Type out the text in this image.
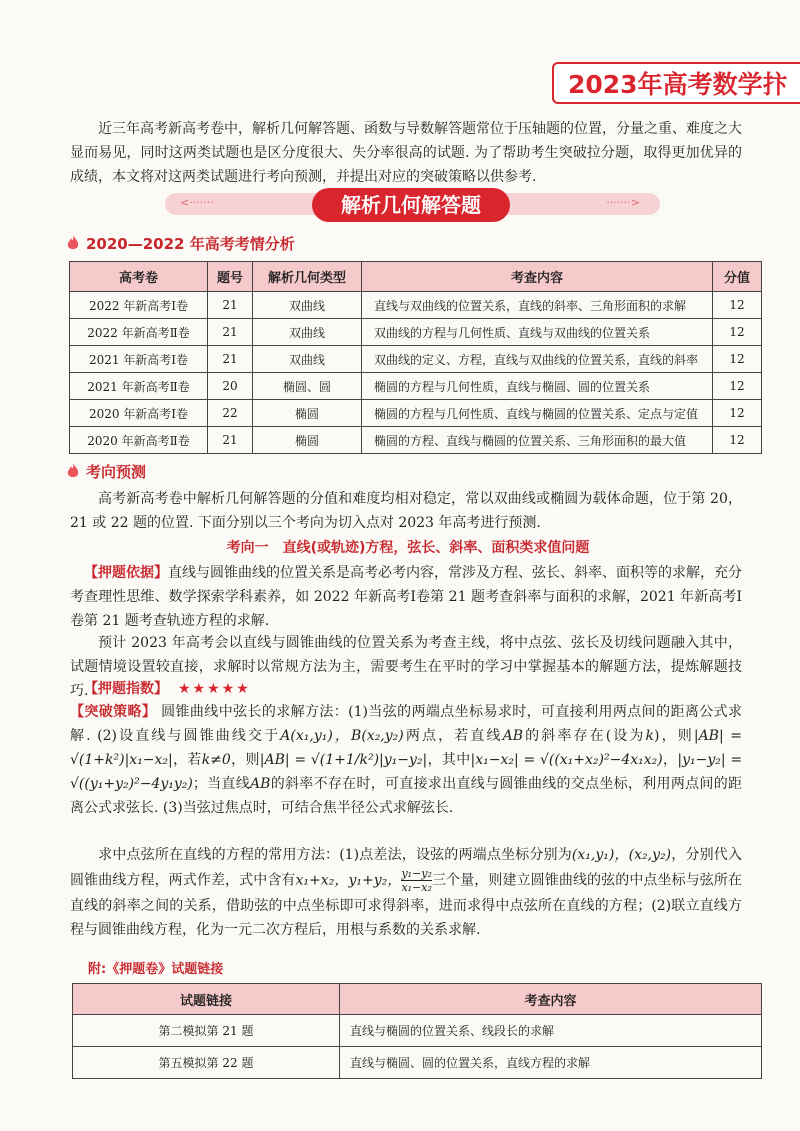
2023年高考数学抃

近三年高考新高考卷中，解析几何解答题、函数与导数解答题常位于压轴题的位置，分量之重、难度之大显而易见，同时这两类试题也是区分度很大、失分率很高的试题. 为了帮助考生突破拉分题，取得更加优异的成绩，本文将对这两类试题进行考向预测，并提出对应的突破策略以供参考.

<·······	·······>
解析几何解答题
2020—2022 年高考考情分析
高考卷	题号	解析几何类型	考查内容	分值
2022 年新高考Ⅰ卷	21	双曲线	直线与双曲线的位置关系，直线的斜率、三角形面积的求解	12
2022 年新高考Ⅱ卷	21	双曲线	双曲线的方程与几何性质、直线与双曲线的位置关系	12
2021 年新高考Ⅰ卷	21	双曲线	双曲线的定义、方程，直线与双曲线的位置关系，直线的斜率	12
2021 年新高考Ⅱ卷	20	椭圆、圆	椭圆的方程与几何性质，直线与椭圆、圆的位置关系	12
2020 年新高考Ⅰ卷	22	椭圆	椭圆的方程与几何性质、直线与椭圆的位置关系、定点与定值	12
2020 年新高考Ⅱ卷	21	椭圆	椭圆的方程、直线与椭圆的位置关系、三角形面积的最大值	12
考向预测

高考新高考卷中解析几何解答题的分值和难度均相对稳定，常以双曲线或椭圆为载体命题，位于第 20，21 或 22 题的位置. 下面分别以三个考向为切入点对 2023 年高考进行预测.

考向一　直线(或轨迹)方程，弦长、斜率、面积类求值问题

【押题依据】直线与圆锥曲线的位置关系是高考必考内容，常涉及方程、弦长、斜率、面积等的求解，充分考查理性思维、数学探索学科素养，如 2022 年新高考Ⅰ卷第 21 题考查斜率与面积的求解，2021 年新高考Ⅰ卷第 21 题考查轨迹方程的求解.

预计 2023 年高考会以直线与圆锥曲线的位置关系为考查主线，将中点弦、弦长及切线问题融入其中，试题情境设置较直接，求解时以常规方法为主，需要考生在平时的学习中掌握基本的解题方法，提炼解题技巧.

【押题指数】 ★★★★★

【突破策略】 圆锥曲线中弦长的求解方法：(1)当弦的两端点坐标易求时，可直接利用两点间的距离公式求解. (2)设直线与圆锥曲线交于A(x₁,y₁)，B(x₂,y₂)两点，若直线AB的斜率存在(设为k)，则|AB| = √(1+k²)|x₁−x₂|，若k≠0，则|AB| = √(1+1/k²)|y₁−y₂|，其中|x₁−x₂| = √((x₁+x₂)²−4x₁x₂)，|y₁−y₂| = √((y₁+y₂)²−4y₁y₂)；当直线AB的斜率不存在时，可直接求出直线与圆锥曲线的交点坐标，利用两点间的距离公式求弦长. (3)当弦过焦点时，可结合焦半径公式求解弦长.

  求中点弦所在直线的方程的常用方法：(1)点差法，设弦的两端点坐标分别为(x₁,y₁)，(x₂,y₂)，分别代入圆锥曲线方程，两式作差，式中含有x₁+x₂，y₁+y₂， $\frac{\text{y₁−y₂}}{\text{x₁−x₂}}$ 三个量，则建立圆锥曲线的弦的中点坐标与弦所在直线的斜率之间的关系，借助弦的中点坐标即可求得斜率，进而求得中点弦所在直线的方程；(2)联立直线方程与圆锥曲线方程，化为一元二次方程后，用根与系数的关系求解.

附:《押题卷》试题链接
试题链接	考查内容
第二模拟第 21 题	直线与椭圆的位置关系、线段长的求解
第五模拟第 22 题	直线与椭圆、圆的位置关系，直线方程的求解
